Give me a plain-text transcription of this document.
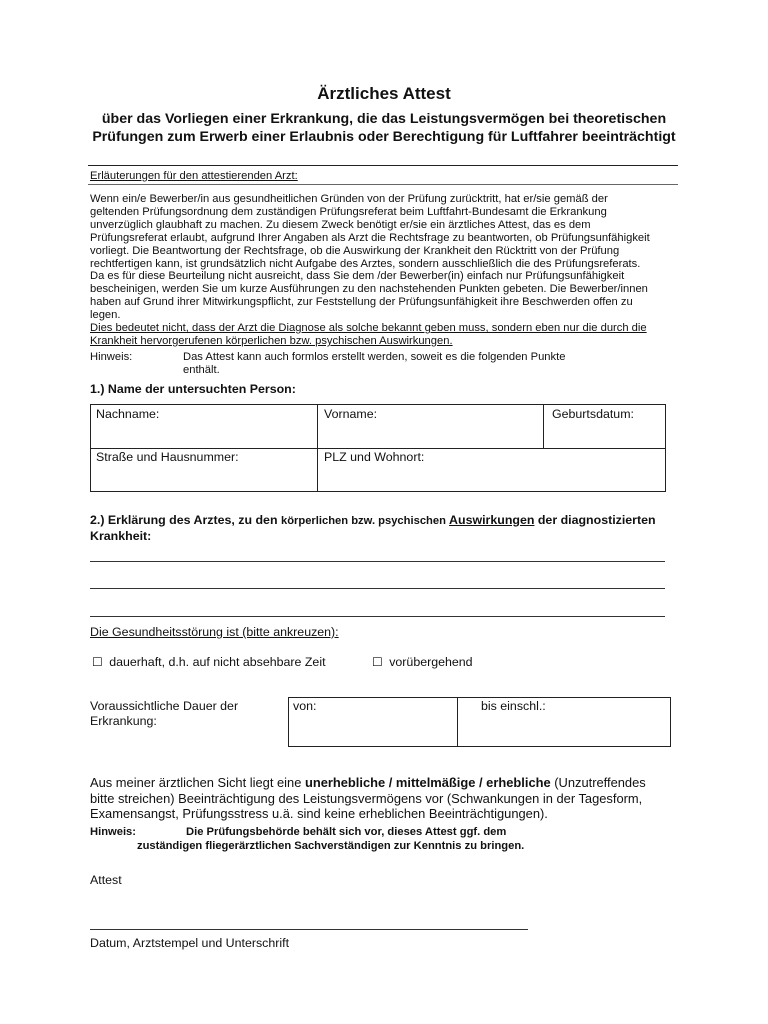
Ärztliches Attest
über das Vorliegen einer Erkrankung, die das Leistungsvermögen bei theoretischen Prüfungen zum Erwerb einer Erlaubnis oder Berechtigung für Luftfahrer beeinträchtigt
Erläuterungen für den attestierenden Arzt:
Wenn ein/e Bewerber/in aus gesundheitlichen Gründen von der Prüfung zurücktritt, hat er/sie gemäß der
geltenden Prüfungsordnung dem zuständigen Prüfungsreferat beim Luftfahrt-Bundesamt die Erkrankung
unverzüglich glaubhaft zu machen. Zu diesem Zweck benötigt er/sie ein ärztliches Attest, das es dem
Prüfungsreferat erlaubt, aufgrund Ihrer Angaben als Arzt die Rechtsfrage zu beantworten, ob Prüfungsunfähigkeit
vorliegt. Die Beantwortung der Rechtsfrage, ob die Auswirkung der Krankheit den Rücktritt von der Prüfung
rechtfertigen kann, ist grundsätzlich nicht Aufgabe des Arztes, sondern ausschließlich die des Prüfungsreferats.
Da es für diese Beurteilung nicht ausreicht, dass Sie dem /der Bewerber(in) einfach nur Prüfungsunfähigkeit
bescheinigen, werden Sie um kurze Ausführungen zu den nachstehenden Punkten gebeten. Die Bewerber/innen
haben auf Grund ihrer Mitwirkungspflicht, zur Feststellung der Prüfungsunfähigkeit ihre Beschwerden offen zu
legen.
Dies bedeutet nicht, dass der Arzt die Diagnose als solche bekannt geben muss, sondern eben nur die durch die
Krankheit hervorgerufenen körperlichen bzw. psychischen Auswirkungen.
Hinweis:	Das Attest kann auch formlos erstellt werden, soweit es die folgenden Punkte
enthält.
1.) Name der untersuchten Person:
Nachname:	Vorname:	Geburtsdatum:
Straße und Hausnummer:	PLZ und Wohnort:
2.) Erklärung des Arztes, zu den körperlichen bzw. psychischen Auswirkungen der diagnostizierten
Krankheit:
Die Gesundheitsstörung ist (bitte ankreuzen):
☐ dauerhaft, d.h. auf nicht absehbare Zeit	☐ vorübergehend
Voraussichtliche Dauer der
Erkrankung:
von:	bis einschl.:
Aus meiner ärztlichen Sicht liegt eine unerhebliche / mittelmäßige / erhebliche (Unzutreffendes
bitte streichen) Beeinträchtigung des Leistungsvermögens vor (Schwankungen in der Tagesform,
Examensangst, Prüfungsstress u.ä. sind keine erheblichen Beeinträchtigungen).
Hinweis:	Die Prüfungsbehörde behält sich vor, dieses Attest ggf. dem
zuständigen fliegerärztlichen Sachverständigen zur Kenntnis zu bringen.
Attest
Datum, Arztstempel und Unterschrift
